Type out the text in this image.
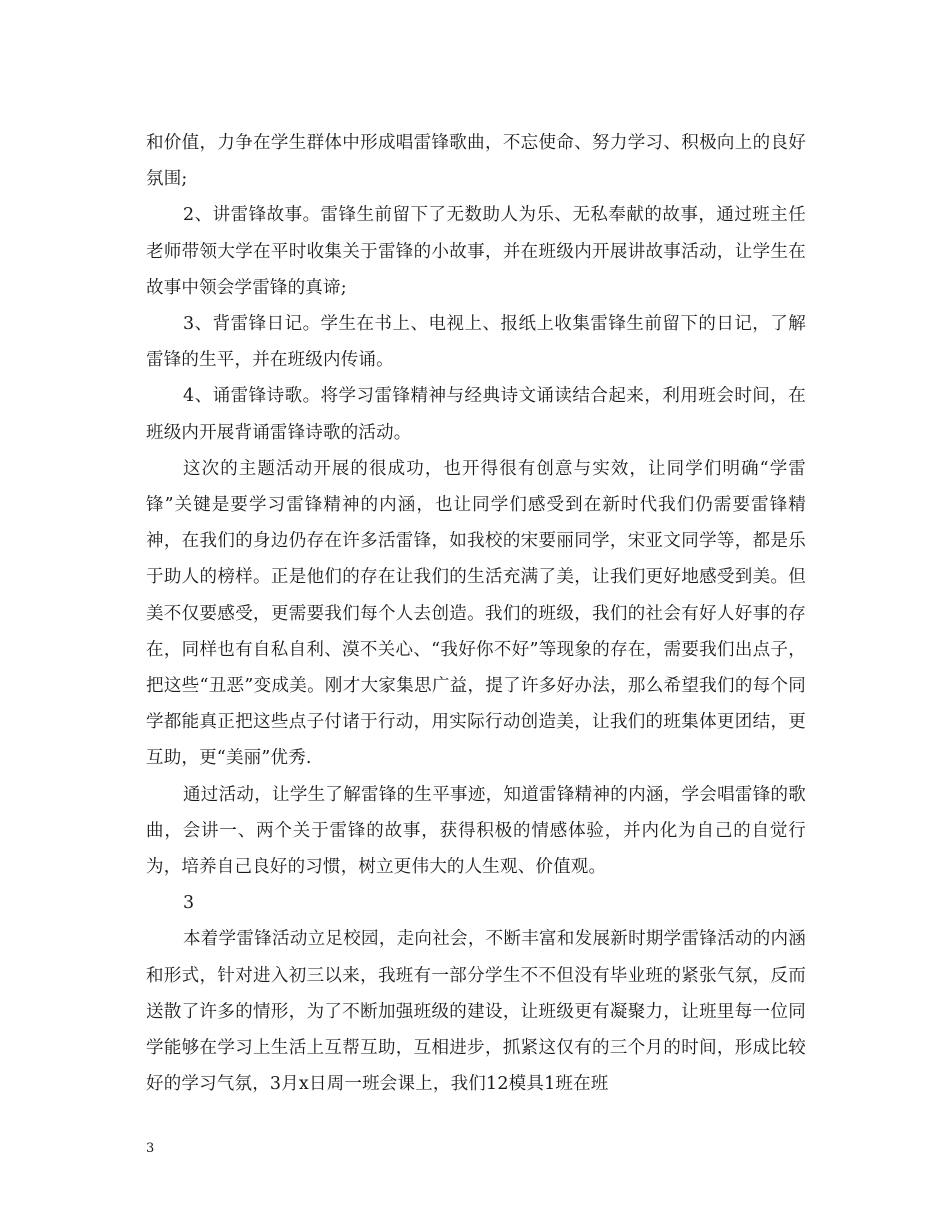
和价值，力争在学生群体中形成唱雷锋歌曲，不忘使命、努力学习、积极向上的良好氛围;

2、讲雷锋故事。雷锋生前留下了无数助人为乐、无私奉献的故事，通过班主任老师带领大学在平时收集关于雷锋的小故事，并在班级内开展讲故事活动，让学生在故事中领会学雷锋的真谛;

3、背雷锋日记。学生在书上、电视上、报纸上收集雷锋生前留下的日记，了解雷锋的生平，并在班级内传诵。

4、诵雷锋诗歌。将学习雷锋精神与经典诗文诵读结合起来，利用班会时间，在班级内开展背诵雷锋诗歌的活动。

这次的主题活动开展的很成功，也开得很有创意与实效，让同学们明确“学雷锋”关键是要学习雷锋精神的内涵，也让同学们感受到在新时代我们仍需要雷锋精神，在我们的身边仍存在许多活雷锋，如我校的宋要丽同学，宋亚文同学等，都是乐于助人的榜样。正是他们的存在让我们的生活充满了美，让我们更好地感受到美。但美不仅要感受，更需要我们每个人去创造。我们的班级，我们的社会有好人好事的存在，同样也有自私自利、漠不关心、“我好你不好”等现象的存在，需要我们出点子，把这些“丑恶”变成美。刚才大家集思广益，提了许多好办法，那么希望我们的每个同学都能真正把这些点子付诸于行动，用实际行动创造美，让我们的班集体更团结，更互助，更“美丽”优秀.

通过活动，让学生了解雷锋的生平事迹，知道雷锋精神的内涵，学会唱雷锋的歌曲，会讲一、两个关于雷锋的故事，获得积极的情感体验，并内化为自己的自觉行为，培养自己良好的习惯，树立更伟大的人生观、价值观。

3

本着学雷锋活动立足校园，走向社会，不断丰富和发展新时期学雷锋活动的内涵和形式，针对进入初三以来，我班有一部分学生不不但没有毕业班的紧张气氛，反而送散了许多的情形，为了不断加强班级的建设，让班级更有凝聚力，让班里每一位同学能够在学习上生活上互帮互助，互相进步，抓紧这仅有的三个月的时间，形成比较好的学习气氛，3月x日周一班会课上，我们12模具1班在班

3
